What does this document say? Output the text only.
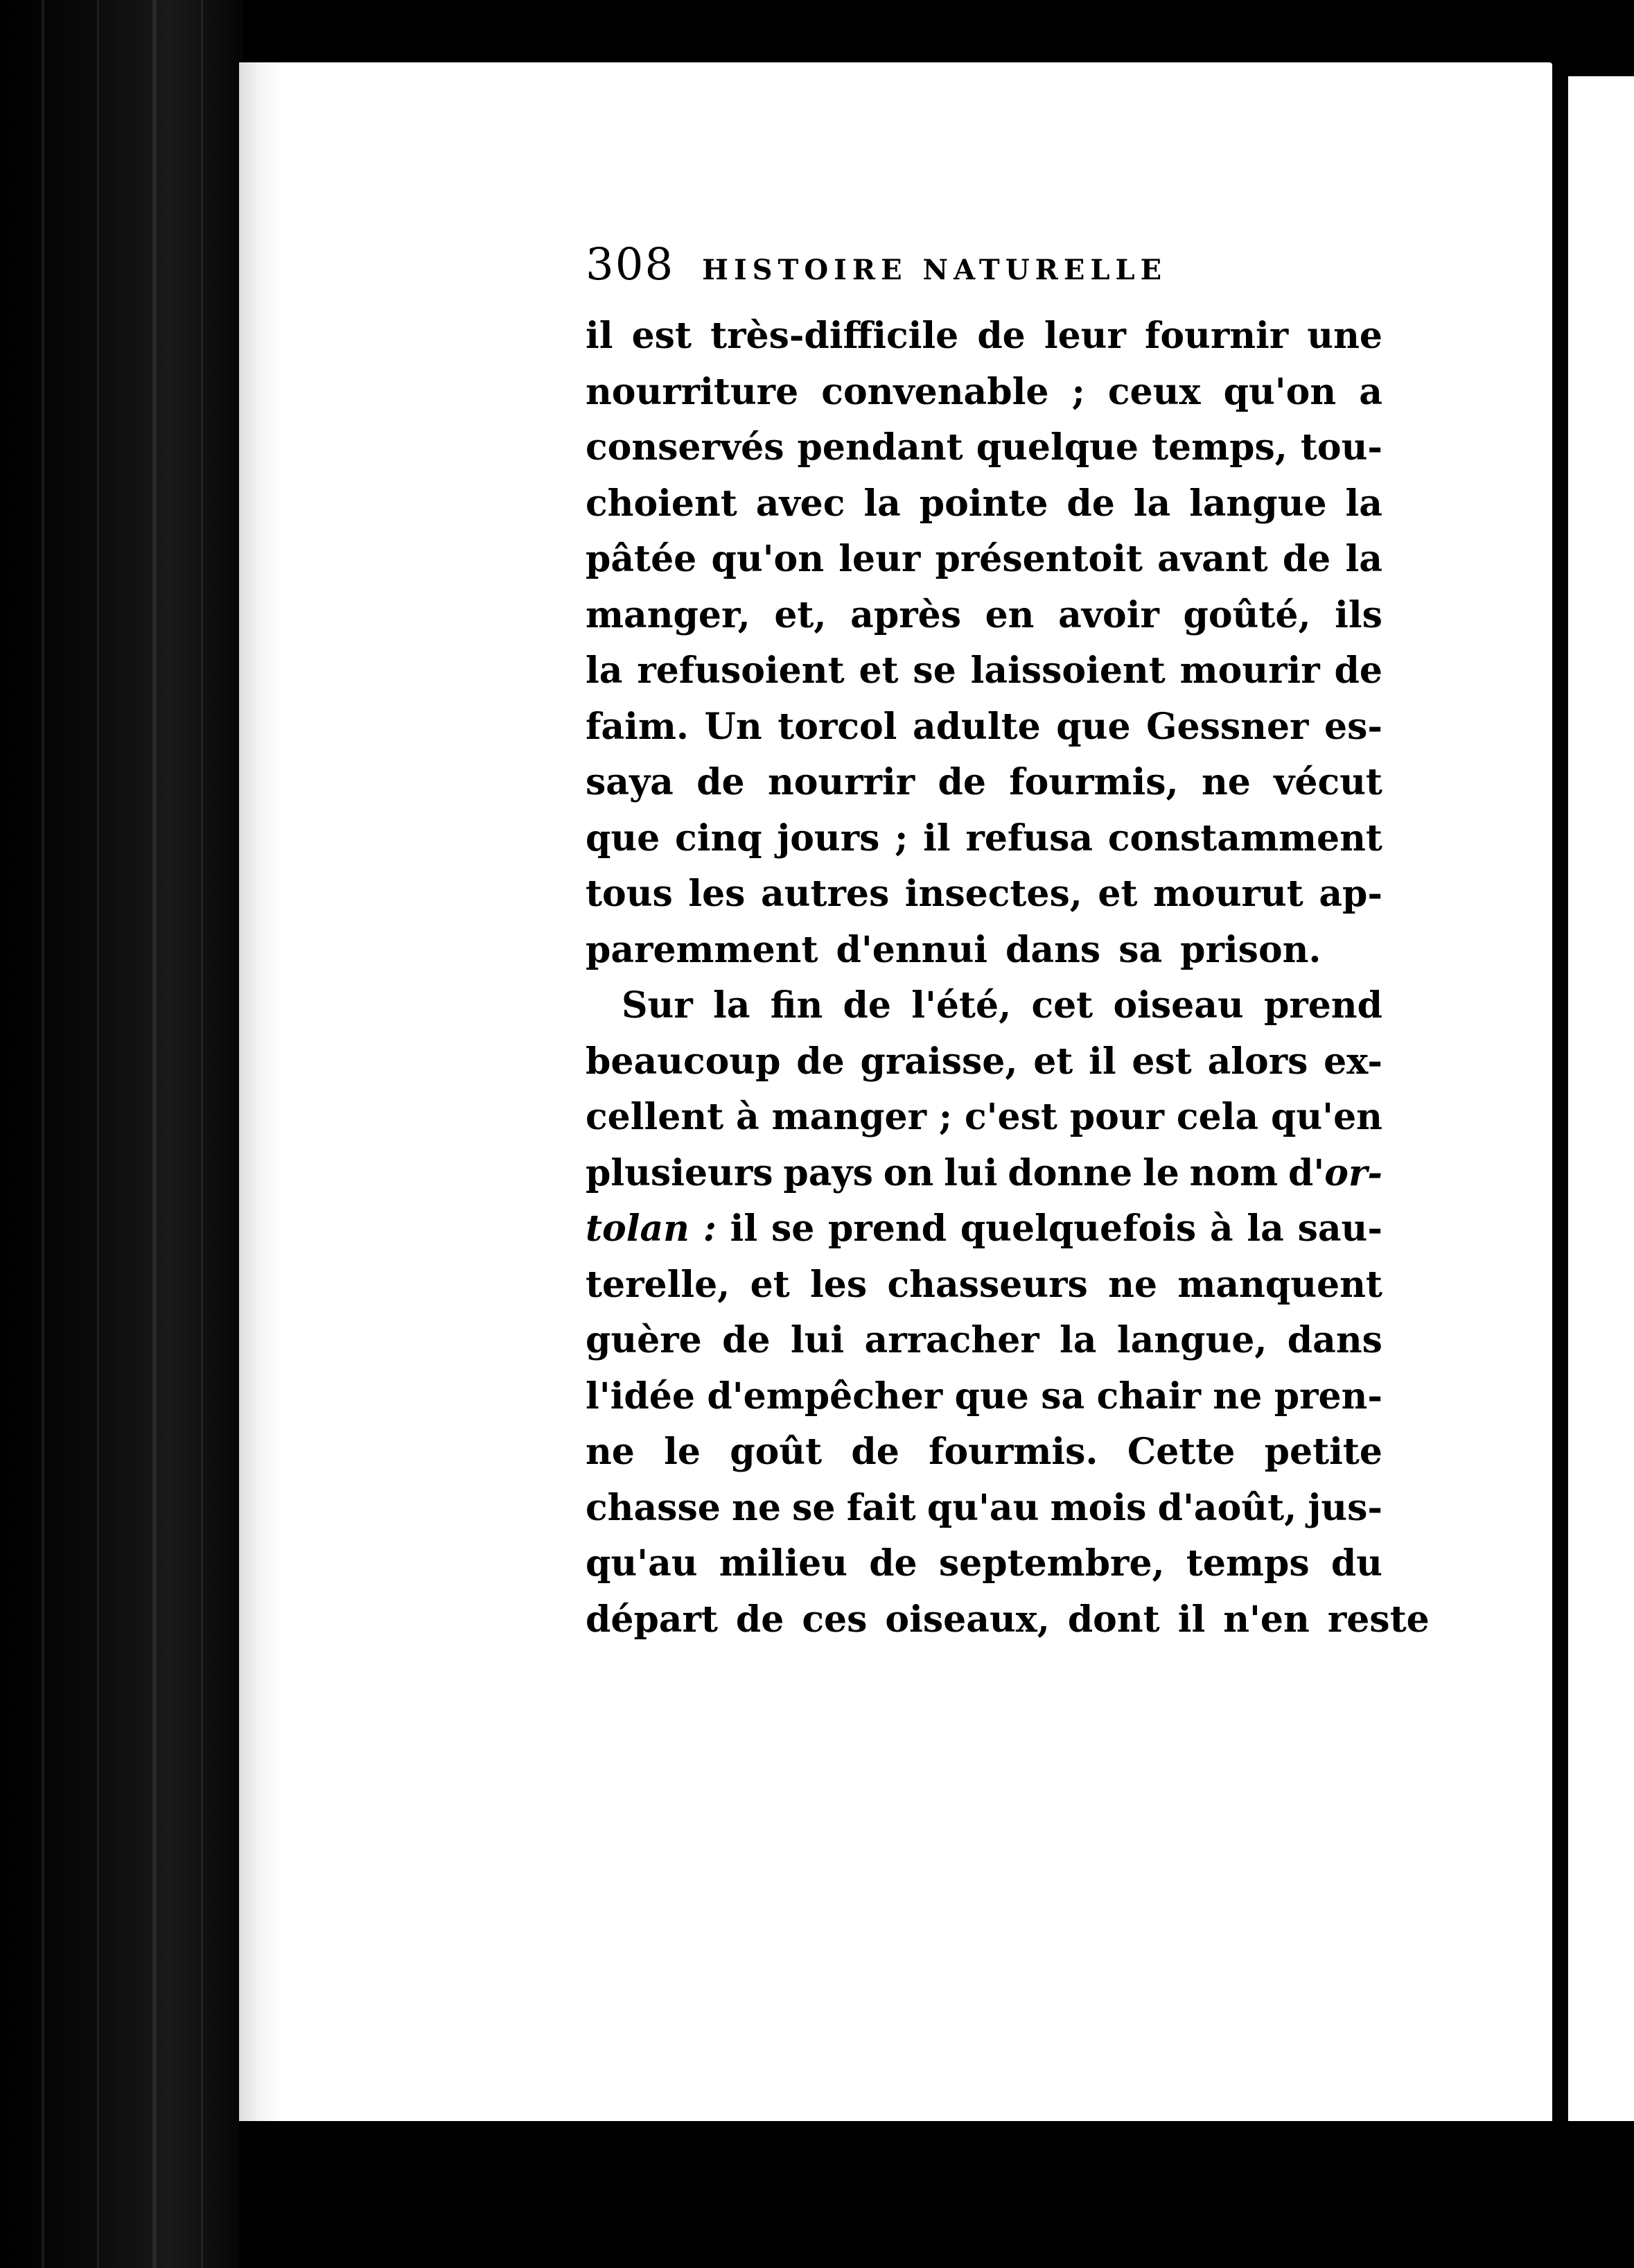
308 HISTOIRE NATURELLE
il est très-difficile de leur fournir une
nourriture convenable ; ceux qu'on a
conservés pendant quelque temps, tou-
choient avec la pointe de la langue la
pâtée qu'on leur présentoit avant de la
manger, et, après en avoir goûté, ils
la refusoient et se laissoient mourir de
faim. Un torcol adulte que Gessner es-
saya de nourrir de fourmis, ne vécut
que cinq jours ; il refusa constamment
tous les autres insectes, et mourut ap-
paremment d'ennui dans sa prison.
Sur la fin de l'été, cet oiseau prend
beaucoup de graisse, et il est alors ex-
cellent à manger ; c'est pour cela qu'en
plusieurs pays on lui donne le nom d'or-
tolan : il se prend quelquefois à la sau-
terelle, et les chasseurs ne manquent
guère de lui arracher la langue, dans
l'idée d'empêcher que sa chair ne pren-
ne le goût de fourmis. Cette petite
chasse ne se fait qu'au mois d'août, jus-
qu'au milieu de septembre, temps du
départ de ces oiseaux, dont il n'en reste
